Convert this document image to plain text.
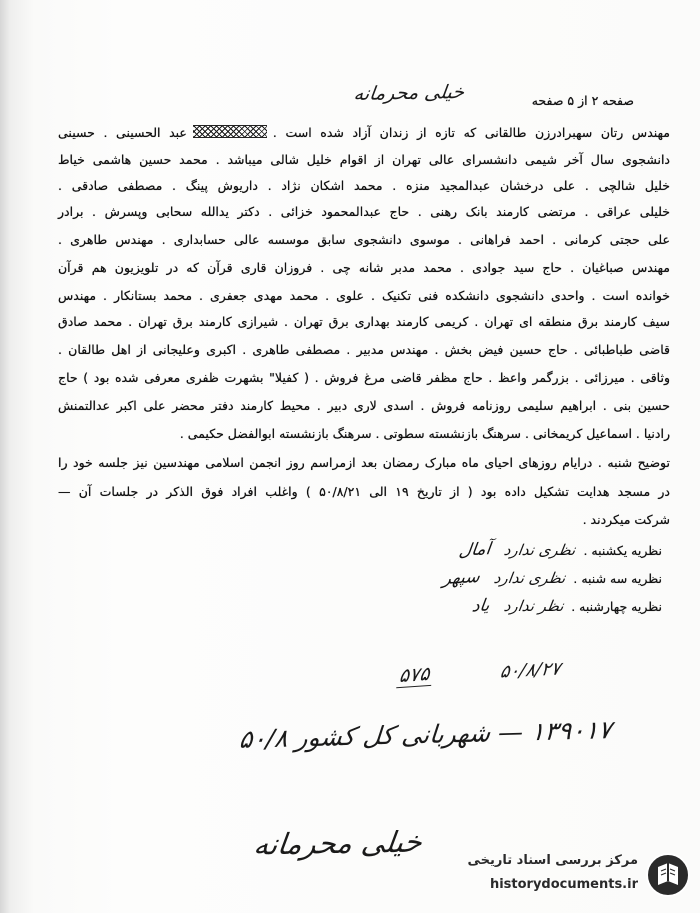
صفحه ۲ از ۵ صفحه
خیلی محرمانه
مهندس رتان سهبرادرزن طالقانی که تازه از زندان آزاد شده است .عبد الحسینی . حسینی
دانشجوی سال آخر شیمی دانشسرای عالی تهران از اقوام خلیل شالی میباشد . محمد حسین هاشمی خیاط
خلیل شالچی . علی درخشان عبدالمجید منزه . محمد اشکان نژاد . داریوش پینگ . مصطفی صادقی .
خلیلی عراقی . مرتضی کارمند بانک رهنی . حاج عبدالمحمود خزائی . دکتر یدالله سحابی وپسرش . برادر
علی حجتی کرمانی . احمد فراهانی . موسوی دانشجوی سابق موسسه عالی حسابداری . مهندس طاهری .
مهندس صباغیان . حاج سید جوادی . محمد مدبر شانه چی . فروزان قاری قرآن که در تلویزیون هم قرآن
خوانده است . واحدی دانشجوی دانشکده فنی تکنیک . علوی . محمد مهدی جعفری . محمد بستانکار . مهندس
سیف کارمند برق منطقه ای تهران . کریمی کارمند بهداری برق تهران . شیرازی کارمند برق تهران . محمد صادق
قاضی طباطبائی . حاج حسین فیض بخش . مهندس مدبیر . مصطفی طاهری . اکبری وعلیجانی از اهل طالقان .
وثاقی . میرزائی . بزرگمر واعظ . حاج مظفر قاضی مرغ فروش . ( کفیلا" بشهرت ظفری معرفی شده بود ) حاج
حسین بنی . ابراهیم سلیمی روزنامه فروش . اسدی لاری دبیر . محیط کارمند دفتر محضر علی اکبر عدالتمنش
رادنیا . اسماعیل کریمخانی . سرهنگ بازنشسته سطوتی . سرهنگ بازنشسته ابوالفضل حکیمی .
توضیح شنبه . درایام روزهای احیای ماه مبارک رمضان بعد ازمراسم روز انجمن اسلامی مهندسین نیز جلسه خود را
در مسجد هدایت تشکیل داده بود ( از تاریخ ۱۹ الی ۵۰/۸/۲۱ ) واغلب افراد فوق الذکر در جلسات آن —
شرکت میکردند .
نظریه یکشنبه .
نظری ندارد
آمال
نظریه سه شنبه .
نظری ندارد
سپهر
نظریه چهارشنبه .
نظر ندارد
یاد
۵۷۵	۵۰/۸/۲۷
۱۳۹۰۱۷ — شهربانی کل کشور ۵۰/۸
خیلی محرمانه	مرکز بررسی اسناد تاریخی
historydocuments.ir
